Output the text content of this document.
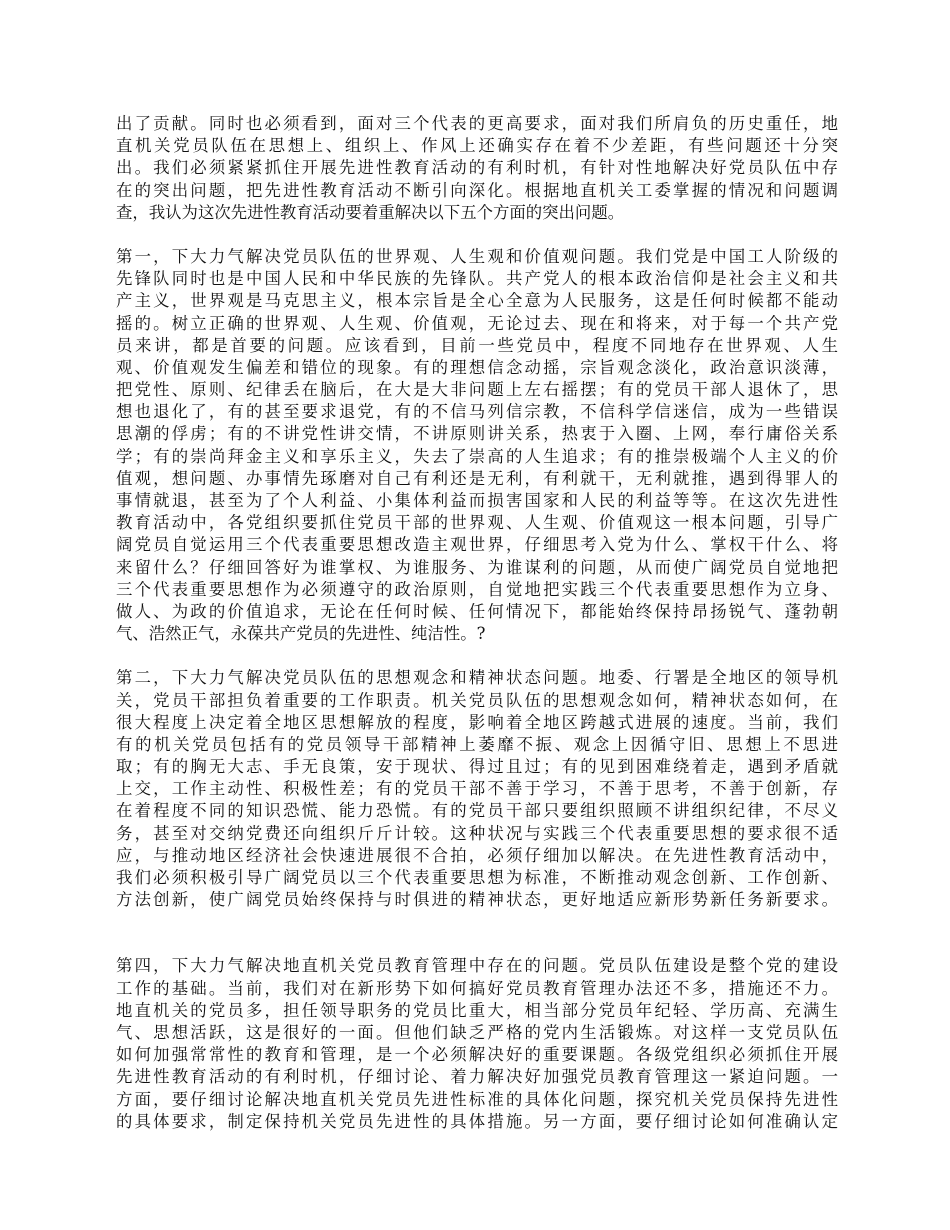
出了贡献。同时也必须看到，面对三个代表的更高要求，面对我们所肩负的历史重任，地
直机关党员队伍在思想上、组织上、作风上还确实存在着不少差距，有些问题还十分突
出。我们必须紧紧抓住开展先进性教育活动的有利时机，有针对性地解决好党员队伍中存
在的突出问题，把先进性教育活动不断引向深化。根据地直机关工委掌握的情况和问题调
查，我认为这次先进性教育活动要着重解决以下五个方面的突出问题。
第一，下大力气解决党员队伍的世界观、人生观和价值观问题。我们党是中国工人阶级的
先锋队同时也是中国人民和中华民族的先锋队。共产党人的根本政治信仰是社会主义和共
产主义，世界观是马克思主义，根本宗旨是全心全意为人民服务，这是任何时候都不能动
摇的。树立正确的世界观、人生观、价值观，无论过去、现在和将来，对于每一个共产党
员来讲，都是首要的问题。应该看到，目前一些党员中，程度不同地存在世界观、人生
观、价值观发生偏差和错位的现象。有的理想信念动摇，宗旨观念淡化，政治意识淡薄，
把党性、原则、纪律丢在脑后，在大是大非问题上左右摇摆；有的党员干部人退休了，思
想也退化了，有的甚至要求退党，有的不信马列信宗教，不信科学信迷信，成为一些错误
思潮的俘虏；有的不讲党性讲交情，不讲原则讲关系，热衷于入圈、上网，奉行庸俗关系
学；有的崇尚拜金主义和享乐主义，失去了崇高的人生追求；有的推崇极端个人主义的价
值观，想问题、办事情先琢磨对自己有利还是无利，有利就干，无利就推，遇到得罪人的
事情就退，甚至为了个人利益、小集体利益而损害国家和人民的利益等等。在这次先进性
教育活动中，各党组织要抓住党员干部的世界观、人生观、价值观这一根本问题，引导广
阔党员自觉运用三个代表重要思想改造主观世界，仔细思考入党为什么、掌权干什么、将
来留什么？仔细回答好为谁掌权、为谁服务、为谁谋利的问题，从而使广阔党员自觉地把
三个代表重要思想作为必须遵守的政治原则，自觉地把实践三个代表重要思想作为立身、
做人、为政的价值追求，无论在任何时候、任何情况下，都能始终保持昂扬锐气、蓬勃朝
气、浩然正气，永葆共产党员的先进性、纯洁性。?
第二，下大力气解决党员队伍的思想观念和精神状态问题。地委、行署是全地区的领导机
关，党员干部担负着重要的工作职责。机关党员队伍的思想观念如何，精神状态如何，在
很大程度上决定着全地区思想解放的程度，影响着全地区跨越式进展的速度。当前，我们
有的机关党员包括有的党员领导干部精神上萎靡不振、观念上因循守旧、思想上不思进
取；有的胸无大志、手无良策，安于现状、得过且过；有的见到困难绕着走，遇到矛盾就
上交，工作主动性、积极性差；有的党员干部不善于学习，不善于思考，不善于创新，存
在着程度不同的知识恐慌、能力恐慌。有的党员干部只要组织照顾不讲组织纪律，不尽义
务，甚至对交纳党费还向组织斤斤计较。这种状况与实践三个代表重要思想的要求很不适
应，与推动地区经济社会快速进展很不合拍，必须仔细加以解决。在先进性教育活动中，
我们必须积极引导广阔党员以三个代表重要思想为标准，不断推动观念创新、工作创新、
方法创新，使广阔党员始终保持与时俱进的精神状态，更好地适应新形势新任务新要求。
第四，下大力气解决地直机关党员教育管理中存在的问题。党员队伍建设是整个党的建设
工作的基础。当前，我们对在新形势下如何搞好党员教育管理办法还不多，措施还不力。
地直机关的党员多，担任领导职务的党员比重大，相当部分党员年纪轻、学历高、充满生
气、思想活跃，这是很好的一面。但他们缺乏严格的党内生活锻炼。对这样一支党员队伍
如何加强常常性的教育和管理，是一个必须解决好的重要课题。各级党组织必须抓住开展
先进性教育活动的有利时机，仔细讨论、着力解决好加强党员教育管理这一紧迫问题。一
方面，要仔细讨论解决地直机关党员先进性标准的具体化问题，探究机关党员保持先进性
的具体要求，制定保持机关党员先进性的具体措施。另一方面，要仔细讨论如何准确认定
